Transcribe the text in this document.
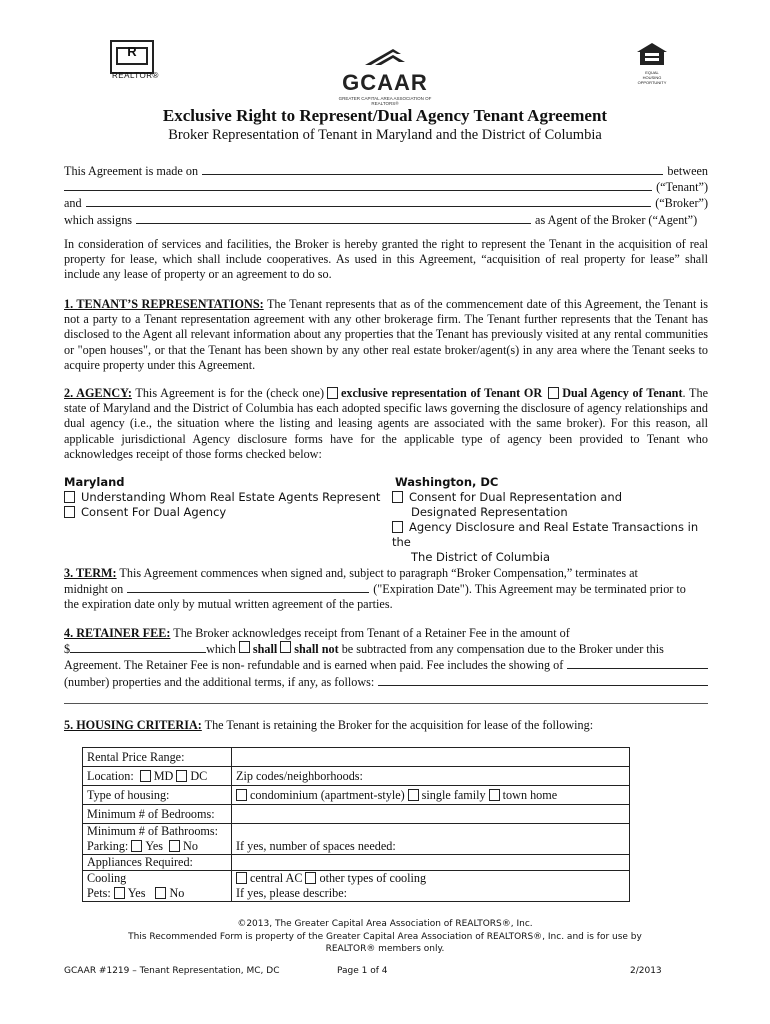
R
REALTOR®	GCAAR
GREATER CAPITAL AREA ASSOCIATION OF REALTORS®
EQUAL HOUSING OPPORTUNITY
Exclusive Right to Represent/Dual Agency Tenant Agreement
Broker Representation of Tenant in Maryland and the District of Columbia
This Agreement is made on	between
(“Tenant”)
and	(“Broker”)
which assigns	as Agent of the Broker (“Agent”)
In consideration of services and facilities, the Broker is hereby granted the right to represent the Tenant in the acquisition of real property for lease, which shall include cooperatives. As used in this Agreement, “acquisition of real property for lease” shall include any lease of property or an agreement to do so.
1. TENANT’S REPRESENTATIONS: The Tenant represents that as of the commencement date of this Agreement, the Tenant is not a party to a Tenant representation agreement with any other brokerage firm. The Tenant further represents that the Tenant has disclosed to the Agent all relevant information about any properties that the Tenant has previously visited at any rental communities or "open houses", or that the Tenant has been shown by any other real estate broker/agent(s) in any area where the Tenant seeks to acquire property under this Agreement.
2. AGENCY: This Agreement is for the (check one) exclusive representation of Tenant OR Dual Agency of Tenant. The state of Maryland and the District of Columbia has each adopted specific laws governing the disclosure of agency relationships and dual agency (i.e., the situation where the listing and leasing agents are associated with the same broker). For this reason, all applicable jurisdictional Agency disclosure forms have for the applicable type of agency been provided to Tenant who acknowledges receipt of those forms checked below:
Maryland
Understanding Whom Real Estate Agents Represent
Consent For Dual Agency
Washington, DC
Consent for Dual Representation and
Designated Representation
Agency Disclosure and Real Estate Transactions in the
The District of Columbia
3. TERM: This Agreement commences when signed and, subject to paragraph “Broker Compensation,” terminates at
midnight on	("Expiration Date"). This Agreement may be terminated prior to
the expiration date only by mutual written agreement of the parties.
4. RETAINER FEE: The Broker acknowledges receipt from Tenant of a Retainer Fee in the amount of
$	which shall shall not
be subtracted from any compensation due to the Broker under this
Agreement. The Retainer Fee is non- refundable and is earned when paid. Fee includes the showing of
(number) properties and the additional terms, if any, as follows:
5. HOUSING CRITERIA: The Tenant is retaining the Broker for the acquisition for lease of the following:
Rental Price Range:	
Location: MD DC	Zip codes/neighborhoods:
Type of housing:	condominium (apartment-style) single family town home
Minimum # of Bedrooms:	
Minimum # of Bathrooms:	
Parking: Yes No	If yes, number of spaces needed:
Appliances Required:	
Cooling	central AC other types of cooling
Pets: Yes No	If yes, please describe:
©2013, The Greater Capital Area Association of REALTORS®, Inc.
This Recommended Form is property of the Greater Capital Area Association of REALTORS®, Inc. and is for use by
REALTOR® members only.
GCAAR #1219 – Tenant Representation, MC, DC	Page 1 of 4	2/2013
